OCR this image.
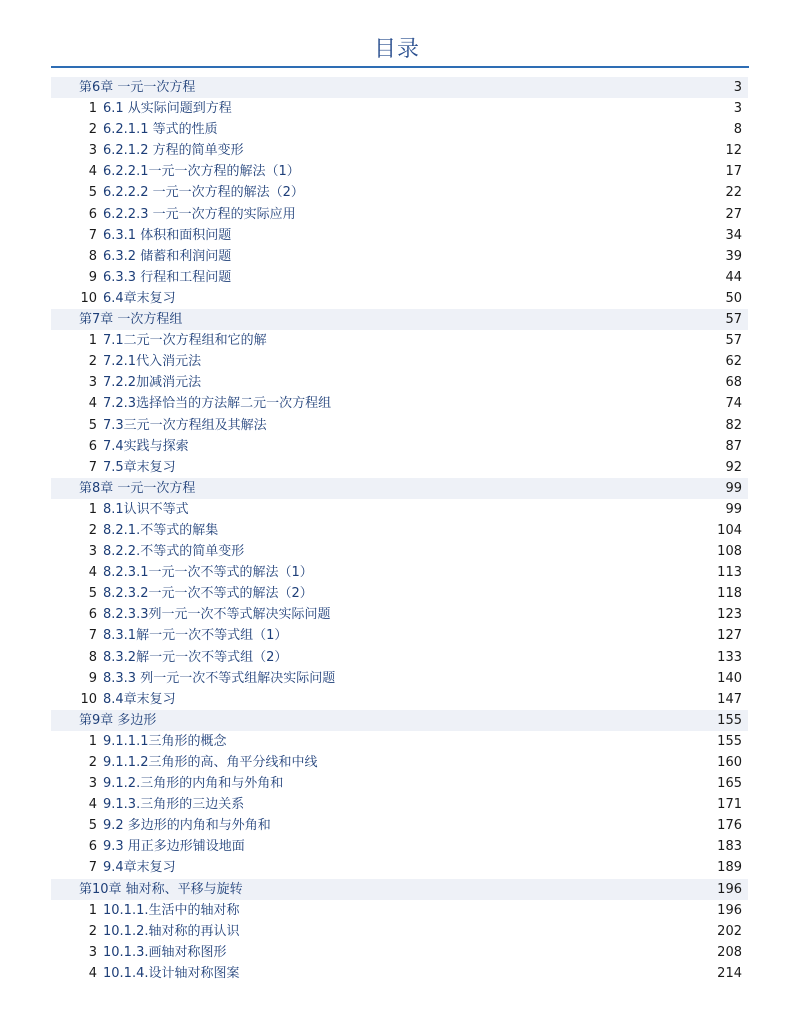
目录
第6章 一元一次方程	3
1 6.1 从实际问题到方程	3
2 6.2.1.1 等式的性质	8
3 6.2.1.2 方程的简单变形	12
4 6.2.2.1一元一次方程的解法（1）	17
5 6.2.2.2 一元一次方程的解法（2）	22
6 6.2.2.3 一元一次方程的实际应用	27
7 6.3.1 体积和面积问题	34
8 6.3.2 储蓄和利润问题	39
9 6.3.3 行程和工程问题	44
10 6.4章末复习	50
第7章 一次方程组	57
1 7.1二元一次方程组和它的解	57
2 7.2.1代入消元法	62
3 7.2.2加减消元法	68
4 7.2.3选择恰当的方法解二元一次方程组	74
5 7.3三元一次方程组及其解法	82
6 7.4实践与探索	87
7 7.5章末复习	92
第8章 一元一次方程	99
1 8.1认识不等式	99
2 8.2.1.不等式的解集	104
3 8.2.2.不等式的简单变形	108
4 8.2.3.1一元一次不等式的解法（1）	113
5 8.2.3.2一元一次不等式的解法（2）	118
6 8.2.3.3列一元一次不等式解决实际问题	123
7 8.3.1解一元一次不等式组（1）	127
8 8.3.2解一元一次不等式组（2）	133
9 8.3.3 列一元一次不等式组解决实际问题	140
10 8.4章末复习	147
第9章 多边形	155
1 9.1.1.1三角形的概念	155
2 9.1.1.2三角形的高、角平分线和中线	160
3 9.1.2.三角形的内角和与外角和	165
4 9.1.3.三角形的三边关系	171
5 9.2 多边形的内角和与外角和	176
6 9.3 用正多边形铺设地面	183
7 9.4章末复习	189
第10章 轴对称、平移与旋转	196
1 10.1.1.生活中的轴对称	196
2 10.1.2.轴对称的再认识	202
3 10.1.3.画轴对称图形	208
4 10.1.4.设计轴对称图案	214
